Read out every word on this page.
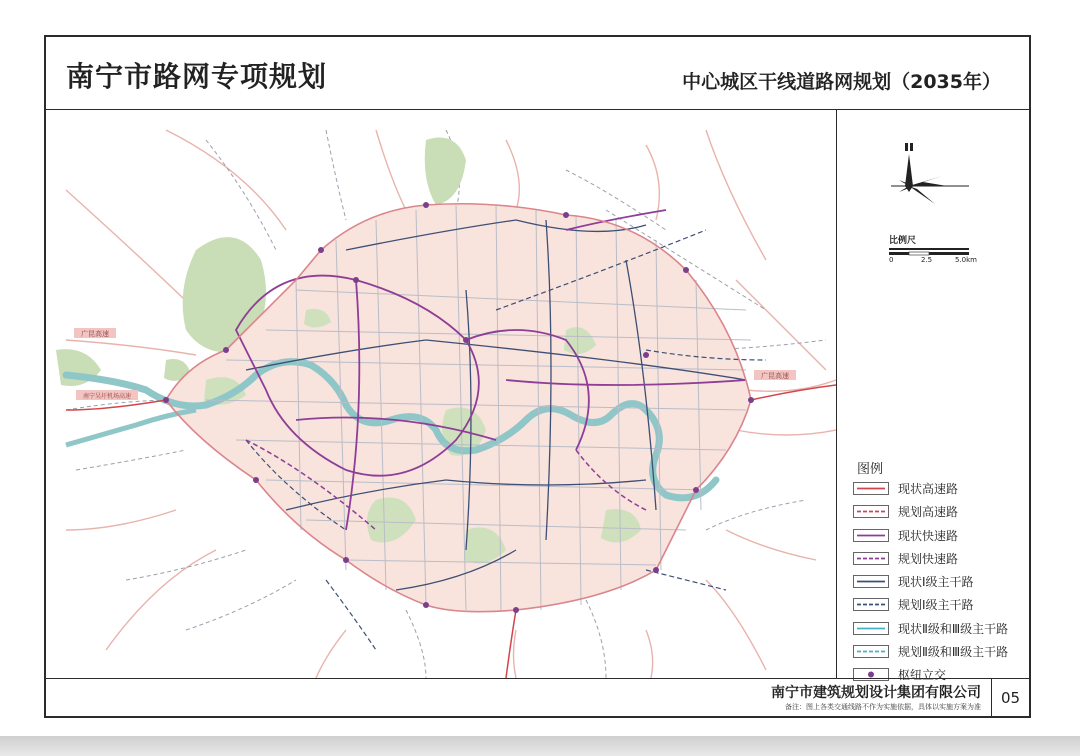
南宁市路网专项规划	中心城区干线道路网规划（2035年）
广昆高速
广昆高速
南宁吴圩机场高速
比例尺
0	2.5	5.0km
图例
现状高速路
规划高速路
现状快速路
规划快速路
现状Ⅰ级主干路
规划Ⅰ级主干路
现状Ⅱ级和Ⅲ级主干路
规划Ⅱ级和Ⅲ级主干路
枢纽立交
南宁市建筑规划设计集团有限公司
备注：图上各类交通线路不作为实施依据，具体以实施方案为准	05
